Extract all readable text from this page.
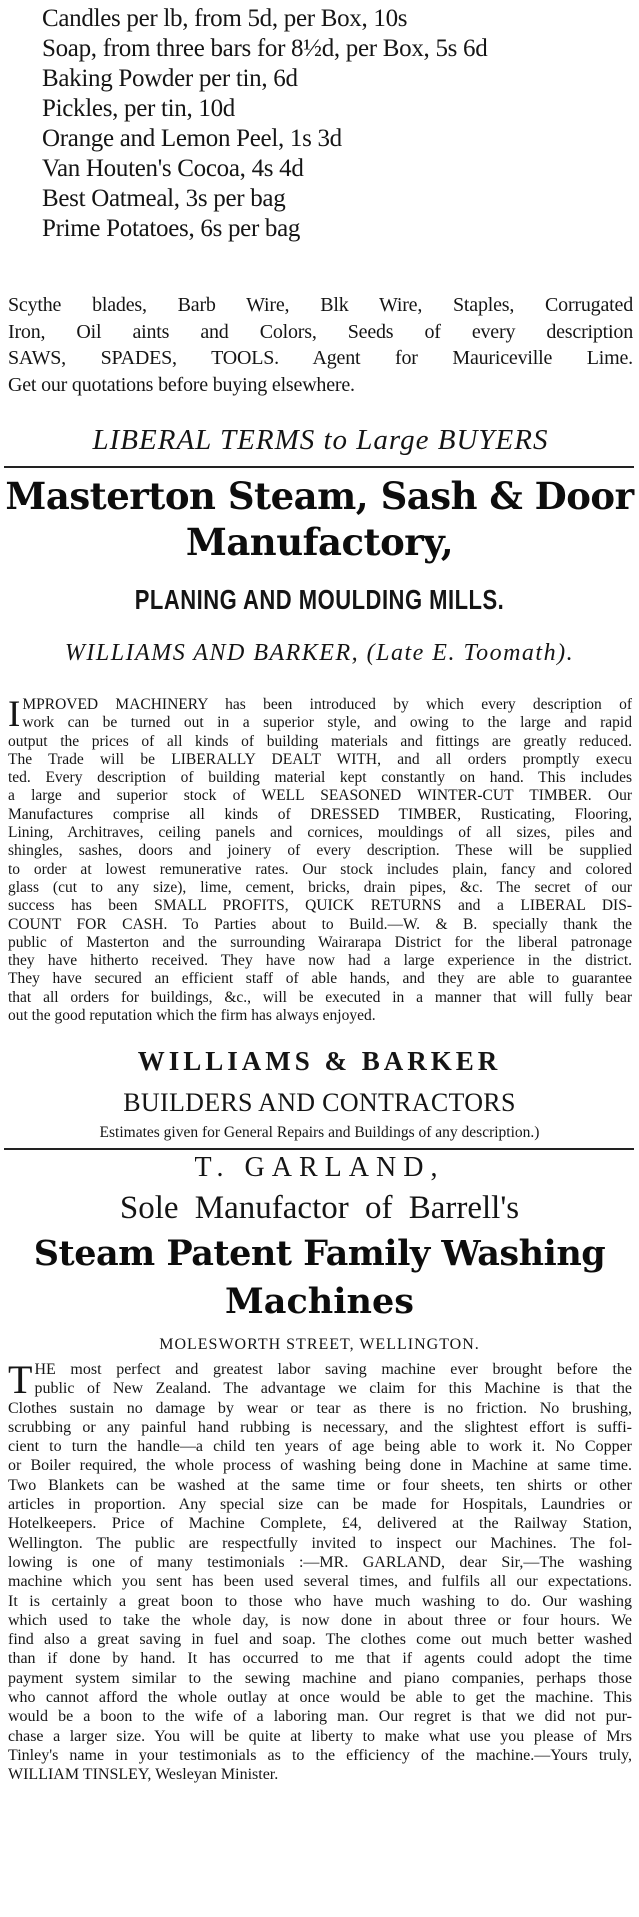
Candles per lb, from 5d, per Box, 10s
Soap, from three bars for 8½d, per Box, 5s 6d
Baking Powder per tin, 6d
Pickles, per tin, 10d
Orange and Lemon Peel, 1s 3d
Van Houten's Cocoa, 4s 4d
Best Oatmeal, 3s per bag
Prime Potatoes, 6s per bag
Scythe blades, Barb Wire, Blk Wire, Staples, Corrugated
Iron, Oil aints and Colors, Seeds of every description
SAWS, SPADES, TOOLS. Agent for Mauriceville Lime.
Get our quotations before buying elsewhere.
LIBERAL TERMS to Large BUYERS
Masterton Steam, Sash & Door
Manufactory,
PLANING AND MOULDING MILLS.
WILLIAMS AND BARKER, (Late E. Toomath).
I MPROVED MACHINERY has been introduced by which every description of
work can be turned out in a superior style, and owing to the large and rapid
output the prices of all kinds of building materials and fittings are greatly reduced.
The Trade will be LIBERALLY DEALT WITH, and all orders promptly execu
ted. Every description of building material kept constantly on hand. This includes
a large and superior stock of WELL SEASONED WINTER-CUT TIMBER. Our
Manufactures comprise all kinds of DRESSED TIMBER, Rusticating, Flooring,
Lining, Architraves, ceiling panels and cornices, mouldings of all sizes, piles and
shingles, sashes, doors and joinery of every description. These will be supplied
to order at lowest remunerative rates. Our stock includes plain, fancy and colored
glass (cut to any size), lime, cement, bricks, drain pipes, &c. The secret of our
success has been SMALL PROFITS, QUICK RETURNS and a LIBERAL DIS-
COUNT FOR CASH. To Parties about to Build.—W. & B. specially thank the
public of Masterton and the surrounding Wairarapa District for the liberal patronage
they have hitherto received. They have now had a large experience in the district.
They have secured an efficient staff of able hands, and they are able to guarantee
that all orders for buildings, &c., will be executed in a manner that will fully bear
out the good reputation which the firm has always enjoyed.
WILLIAMS & BARKER
BUILDERS AND CONTRACTORS
Estimates given for General Repairs and Buildings of any description.)
T. GARLAND,
Sole Manufactor of Barrell's
Steam Patent Family Washing
Machines
MOLESWORTH STREET, WELLINGTON.
T HE most perfect and greatest labor saving machine ever brought before the
public of New Zealand. The advantage we claim for this Machine is that the
Clothes sustain no damage by wear or tear as there is no friction. No brushing,
scrubbing or any painful hand rubbing is necessary, and the slightest effort is suffi-
cient to turn the handle—a child ten years of age being able to work it. No Copper
or Boiler required, the whole process of washing being done in Machine at same time.
Two Blankets can be washed at the same time or four sheets, ten shirts or other
articles in proportion. Any special size can be made for Hospitals, Laundries or
Hotelkeepers. Price of Machine Complete, £4, delivered at the Railway Station,
Wellington. The public are respectfully invited to inspect our Machines. The fol-
lowing is one of many testimonials :—MR. GARLAND, dear Sir,—The washing
machine which you sent has been used several times, and fulfils all our expectations.
It is certainly a great boon to those who have much washing to do. Our washing
which used to take the whole day, is now done in about three or four hours. We
find also a great saving in fuel and soap. The clothes come out much better washed
than if done by hand. It has occurred to me that if agents could adopt the time
payment system similar to the sewing machine and piano companies, perhaps those
who cannot afford the whole outlay at once would be able to get the machine. This
would be a boon to the wife of a laboring man. Our regret is that we did not pur-
chase a larger size. You will be quite at liberty to make what use you please of Mrs
Tinley's name in your testimonials as to the efficiency of the machine.—Yours truly,
WILLIAM TINSLEY, Wesleyan Minister.
